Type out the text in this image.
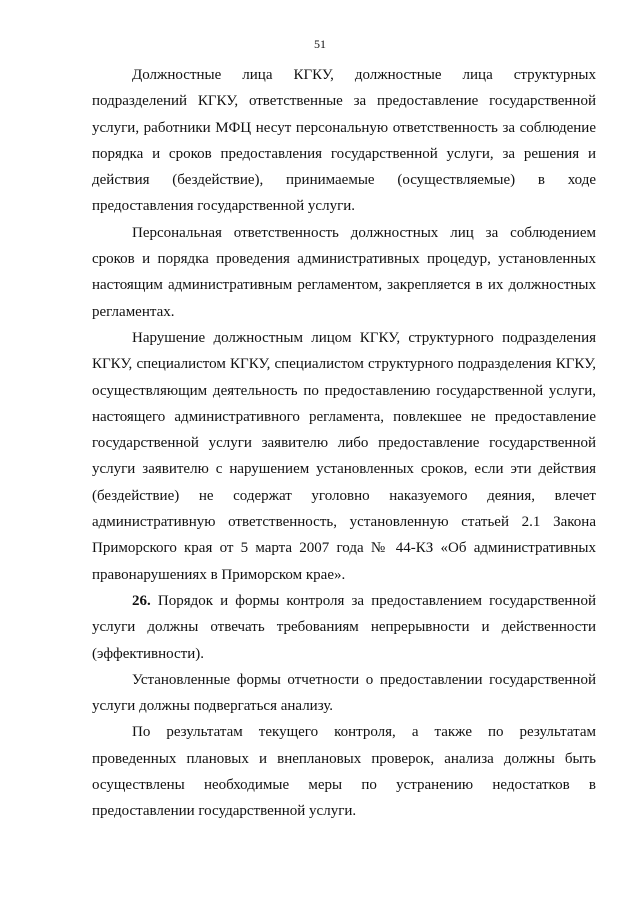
51

Должностные лица КГКУ, должностные лица структурных подразделений КГКУ, ответственные за предоставление государственной услуги, работники МФЦ несут персональную ответственность за соблюдение порядка и сроков предоставления государственной услуги, за решения и действия (бездействие), принимаемые (осуществляемые) в ходе предоставления государственной услуги.

Персональная ответственность должностных лиц за соблюдением сроков и порядка проведения административных процедур, установленных настоящим административным регламентом, закрепляется в их должностных регламентах.

Нарушение должностным лицом КГКУ, структурного подразделения КГКУ, специалистом КГКУ, специалистом структурного подразделения КГКУ, осуществляющим деятельность по предоставлению государственной услуги, настоящего административного регламента, повлекшее не предоставление государственной услуги заявителю либо предоставление государственной услуги заявителю с нарушением установленных сроков, если эти действия (бездействие) не содержат уголовно наказуемого деяния, влечет административную ответственность, установленную статьей 2.1 Закона Приморского края от 5 марта 2007 года № 44-КЗ «Об административных правонарушениях в Приморском крае».

26. Порядок и формы контроля за предоставлением государственной услуги должны отвечать требованиям непрерывности и действенности (эффективности).

Установленные формы отчетности о предоставлении государственной услуги должны подвергаться анализу.

По результатам текущего контроля, а также по результатам проведенных плановых и внеплановых проверок, анализа должны быть осуществлены необходимые меры по устранению недостатков в предоставлении государственной услуги.
